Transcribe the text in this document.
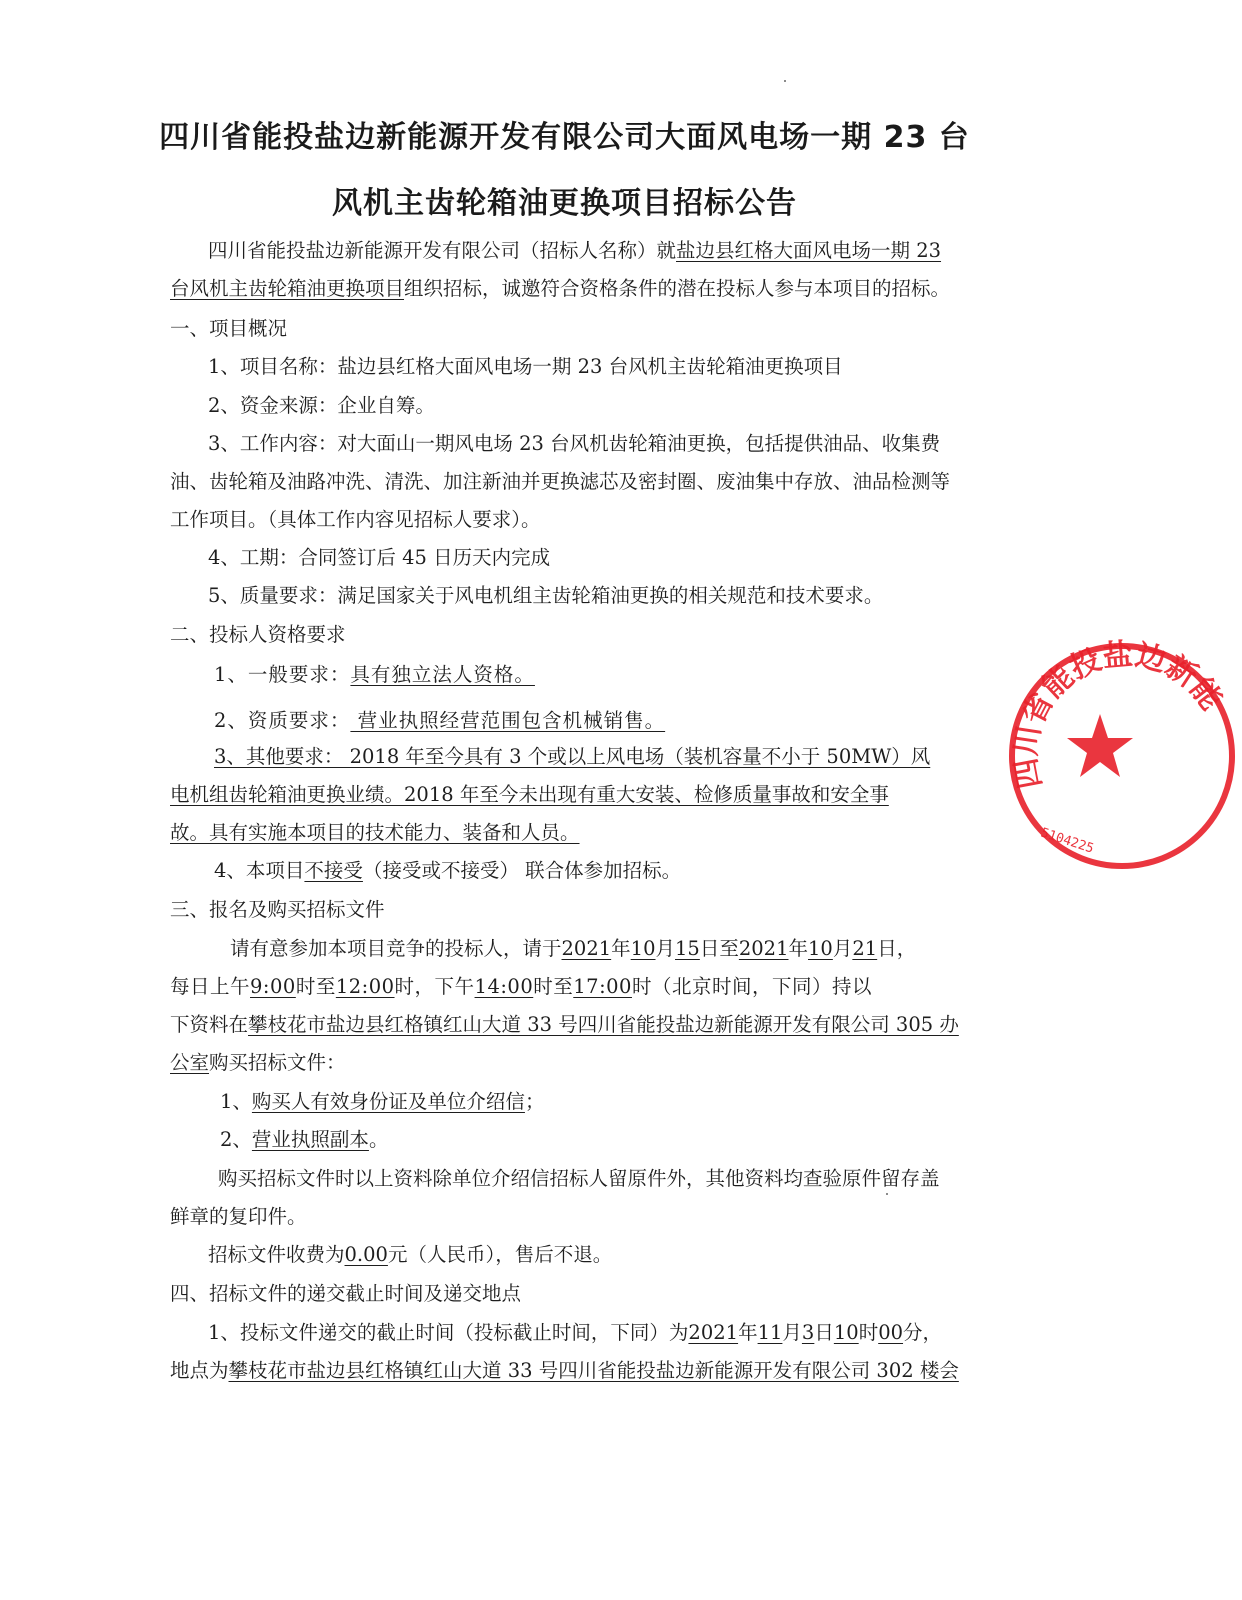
四川省能投盐边新能源开发有限公司大面风电场一期 23 台
风机主齿轮箱油更换项目招标公告
四川省能投盐边新能源开发有限公司（招标人名称）就盐边县红格大面风电场一期 23
台风机主齿轮箱油更换项目组织招标，诚邀符合资格条件的潜在投标人参与本项目的招标。
一、项目概况
1、项目名称：盐边县红格大面风电场一期 23 台风机主齿轮箱油更换项目
2、资金来源：企业自筹。
3、工作内容：对大面山一期风电场 23 台风机齿轮箱油更换，包括提供油品、收集费
油、齿轮箱及油路冲洗、清洗、加注新油并更换滤芯及密封圈、废油集中存放、油品检测等
工作项目。（具体工作内容见招标人要求）。
4、工期：合同签订后 45 日历天内完成
5、质量要求：满足国家关于风电机组主齿轮箱油更换的相关规范和技术要求。
二、投标人资格要求
1、一般要求：具有独立法人资格。
2、资质要求： 营业执照经营范围包含机械销售。
3、其他要求： 2018 年至今具有 3 个或以上风电场（装机容量不小于 50MW）风
电机组齿轮箱油更换业绩。2018 年至今未出现有重大安装、检修质量事故和安全事
故。具有实施本项目的技术能力、装备和人员。
4、本项目不接受（接受或不接受） 联合体参加招标。
三、报名及购买招标文件
请有意参加本项目竞争的投标人，请于2021年10月15日至2021年10月21日，
每日上午9:00时至12:00时，下午14:00时至17:00时（北京时间，下同）持以
下资料在攀枝花市盐边县红格镇红山大道 33 号四川省能投盐边新能源开发有限公司 305 办
公室购买招标文件：
1、购买人有效身份证及单位介绍信；
2、营业执照副本。
购买招标文件时以上资料除单位介绍信招标人留原件外，其他资料均查验原件留存盖
鲜章的复印件。
招标文件收费为0.00元（人民币），售后不退。
四、招标文件的递交截止时间及递交地点
1、投标文件递交的截止时间（投标截止时间，下同）为2021年11月3日10时00分，
地点为攀枝花市盐边县红格镇红山大道 33 号四川省能投盐边新能源开发有限公司 302 楼会
四川省能投盐边新能
5104225
